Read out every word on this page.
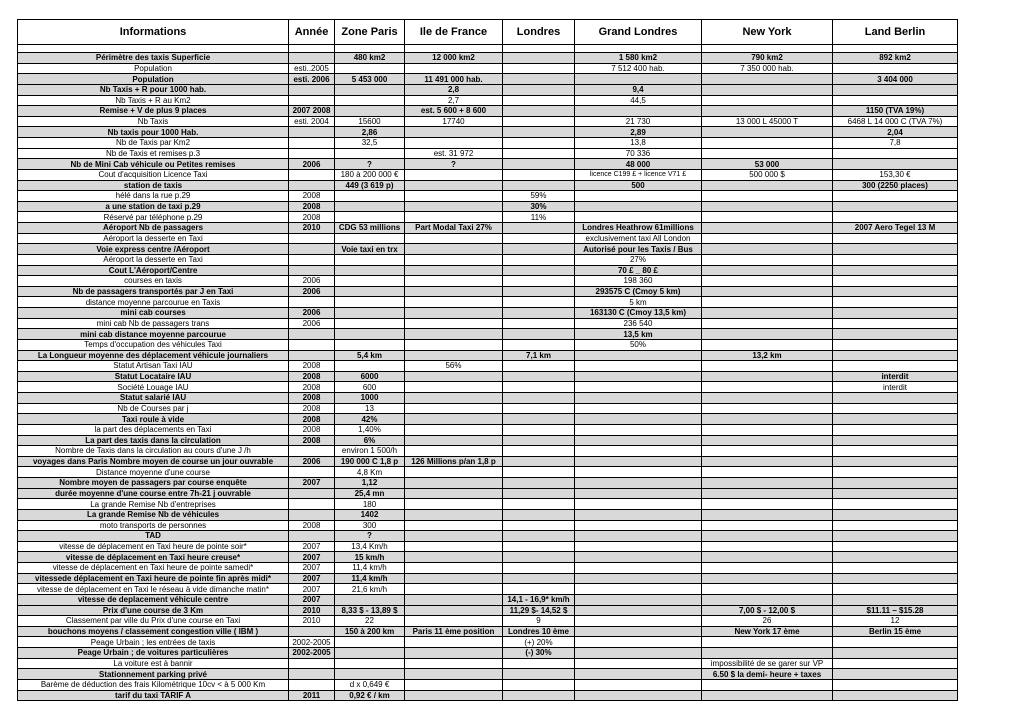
Informations	Année	Zone Paris	Ile de France	Londres	Grand Londres	New York	Land Berlin

Périmètre des taxis Superficie		480 km2	12 000 km2		1 580 km2	790 km2	892 km2
Population	esti..2005				7 512 400 hab.	7 350 000 hab.	
Population	esti. 2006	5 453 000	11 491 000 hab.				3 404 000
Nb Taxis + R pour 1000 hab.			2,8		9,4		
Nb Taxis + R au Km2			2,7		44,5		
Remise + V de plus 9 places	2007 2008		est. 5 600 + 8 600				1150 (TVA 19%)
Nb Taxis	esti. 2004	15600	17740		21 730	13 000 L 45000 T	6468 L 14 000 C (TVA 7%)
Nb taxis pour 1000 Hab.		2,86			2,89		2,04
Nb de Taxis par Km2		32,5			13,8		7,8
Nb de Taxis et remises p.3			est. 31 972		70 336		
Nb de Mini Cab véhicule ou Petites remises	2006	?	?		48 000	53 000	
Cout d'acquisition Licence Taxi		180 à 200 000 €			licence C199 £ + licence V71 £	500 000 $	153,30 €
station de taxis		449 (3 619 p)			500		300 (2250 places)
hélé dans la rue p.29	2008			59%			
a une station de taxi p.29	2008			30%			
Réservé par téléphone p.29	2008			11%			
Aéroport Nb de passagers	2010	CDG 53 millions	Part Modal Taxi 27%		Londres Heathrow 61millions		2007 Aero Tegel 13 M
Aéroport la desserte en Taxi					exclusivement taxi All London		
Voie express centre /Aéroport		Voie taxi en trx			Autorisé pour les Taxis / Bus		
Aéroport la desserte en Taxi					27%		
Cout L'Aéroport/Centre					70 £ _ 80 £		
courses en taxis	2006				198 360		
Nb de passagers transportés par J en Taxi	2006				293575 C (Cmoy 5 km)		
distance moyenne parcourue en Taxis					5 km		
mini cab courses	2006				163130 C (Cmoy 13,5 km)		
mini cab Nb de passagers trans	2006				236 540		
mini cab distance moyenne parcourue					13,5 km		
Temps d'occupation des véhicules Taxi					50%		
La Longueur moyenne des déplacement véhicule journaliers		5,4 km		7,1 km		13,2 km	
Statut Artisan Taxi IAU	2008		56%				
Statut Locataire IAU	2008	6000					interdit
Société Louage IAU	2008	600					interdit
Statut salarié IAU	2008	1000					
Nb de Courses par j	2008	13					
Taxi roule à vide	2008	42%					
la part des déplacements en Taxi	2008	1,40%					
La part des taxis dans la circulation	2008	6%					
Nombre de Taxis dans la circulation au cours d'une J /h		environ 1 500/h					
voyages dans Paris Nombre moyen de course un jour ouvrable	2006	190 000 C 1,8 p	126 Millions p/an 1,8 p				
Distance moyenne d'une course		4,8 Km					
Nombre moyen de passagers par course enquête	2007	1,12					
durée moyenne d'une course entre 7h-21 j ouvrable		25,4 mn					
La grande Remise Nb d'entreprises		180					
La grande Remise Nb de véhicules		1402					
moto transports de personnes	2008	300					
TAD		?					
vitesse de déplacement en Taxi heure de pointe soir*	2007	13,4 Km/h					
vitesse de déplacement en Taxi heure creuse*	2007	15 km/h					
vitesse de déplacement en Taxi heure de pointe samedi*	2007	11,4 km/h					
vitessede déplacement en Taxi heure de pointe fin après midi*	2007	11,4 km/h					
vitesse de déplacement en Taxi le réseau à vide dimanche matin*	2007	21,6 km/h					
vitesse de deplacement véhicule centre	2007			14,1 - 16,9* km/h			
Prix d'une course de 3 Km	2010	8,33 $ - 13,89 $		11,29 $- 14,52 $		7,00 $ - 12,00 $	$11.11 – $15.28
Classement par ville du Prix d'une course en Taxi	2010	22		9		26	12
bouchons moyens / classement congestion ville ( IBM )		150 à 200 km	Paris 11 ème position	Londres 10 ème		New York 17 ème	Berlin 15 ème
Peage Urbain ; les entrées de taxis	2002-2005			(+) 20%			
Peage Urbain ; de voitures particulières	2002-2005			(-) 30%			
La voiture est à bannir						impossibilité de se garer sur VP	
Stationnement parking privé						6.50 $ la demi- heure + taxes	
Barème de déduction des frais Kilométrique 10cv < à 5 000 Km		d x 0,649 €					
tarif du taxi TARIF A	2011	0,92 € / km					
